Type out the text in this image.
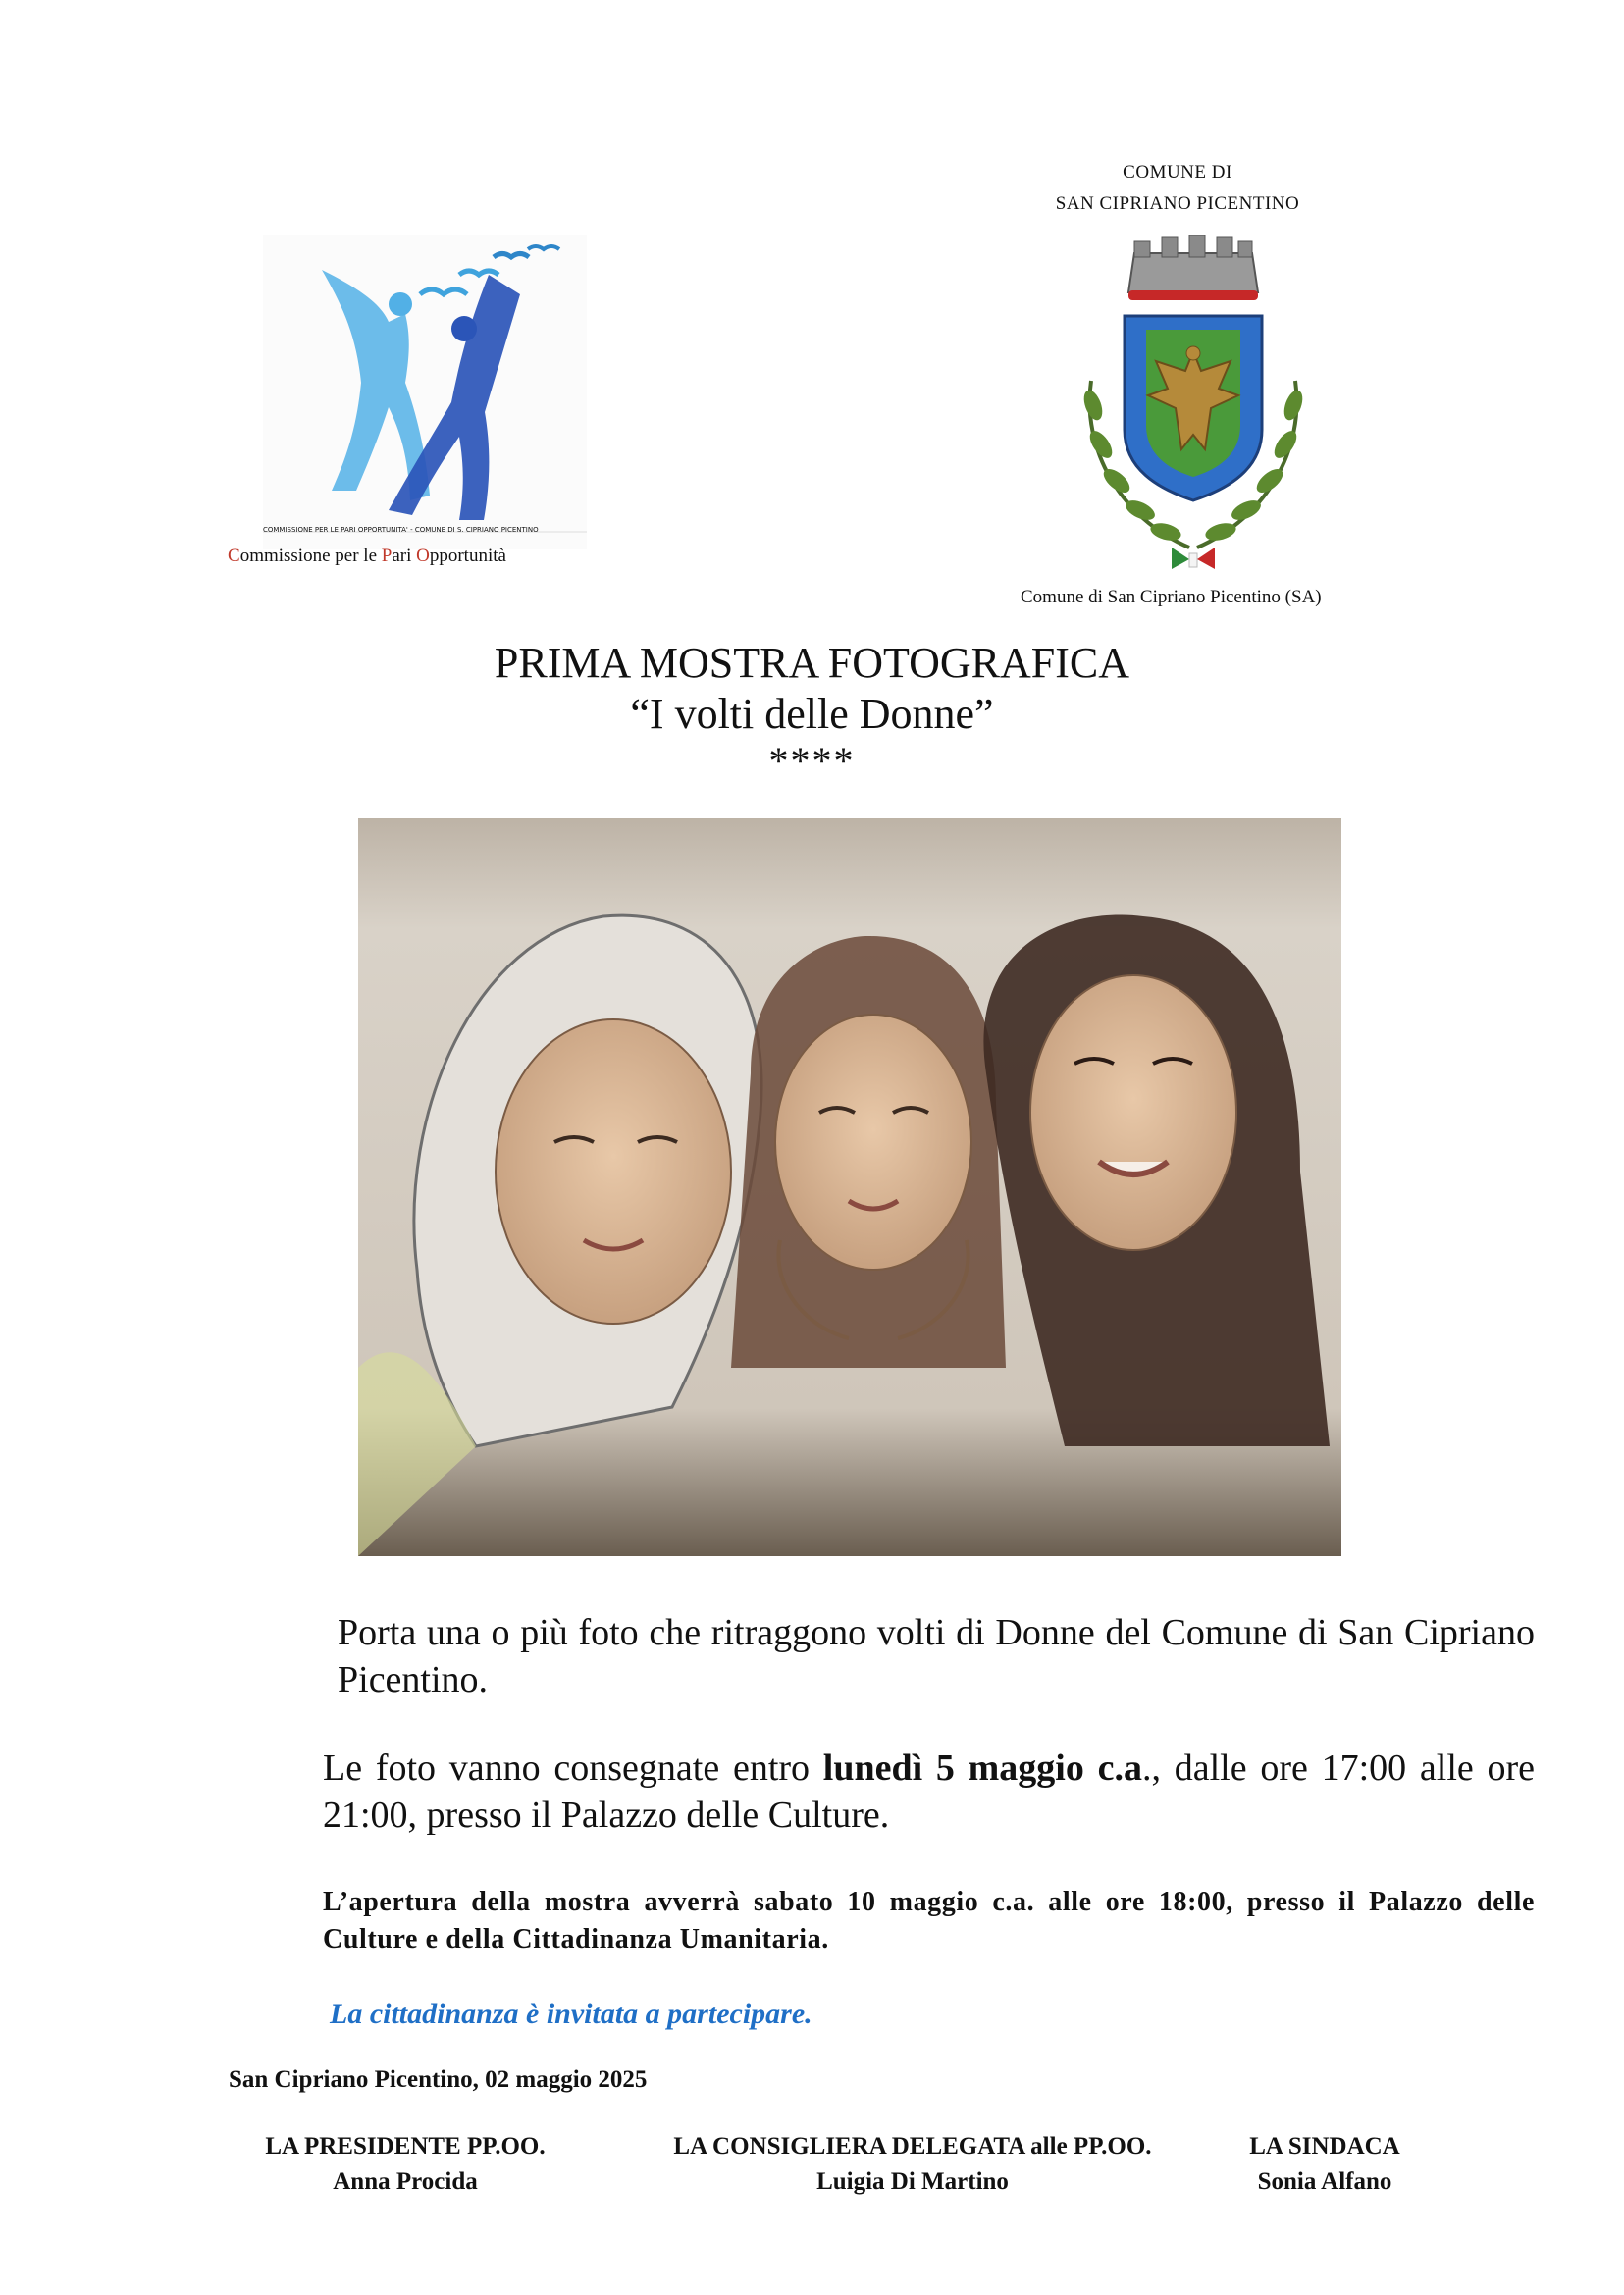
COMMISSIONE PER LE PARI OPPORTUNITA' - COMUNE DI S. CIPRIANO PICENTINO
Commissione per le Pari Opportunità
COMUNE DI
SAN CIPRIANO PICENTINO
Comune di San Cipriano Picentino (SA)
PRIMA MOSTRA FOTOGRAFICA
“I volti delle Donne”
****
Porta una o più foto che ritraggono volti di Donne del Comune di San Cipriano Picentino.
Le foto vanno consegnate entro lunedì 5 maggio c.a., dalle ore 17:00 alle ore 21:00, presso il Palazzo delle Culture.
L’apertura della mostra avverrà sabato 10 maggio c.a. alle ore 18:00, presso il Palazzo delle Culture e della Cittadinanza Umanitaria.
La cittadinanza è invitata a partecipare.
San Cipriano Picentino, 02 maggio 2025
LA PRESIDENTE PP.OO.
Anna Procida
LA CONSIGLIERA DELEGATA alle PP.OO.
Luigia Di Martino
LA SINDACA
Sonia Alfano
